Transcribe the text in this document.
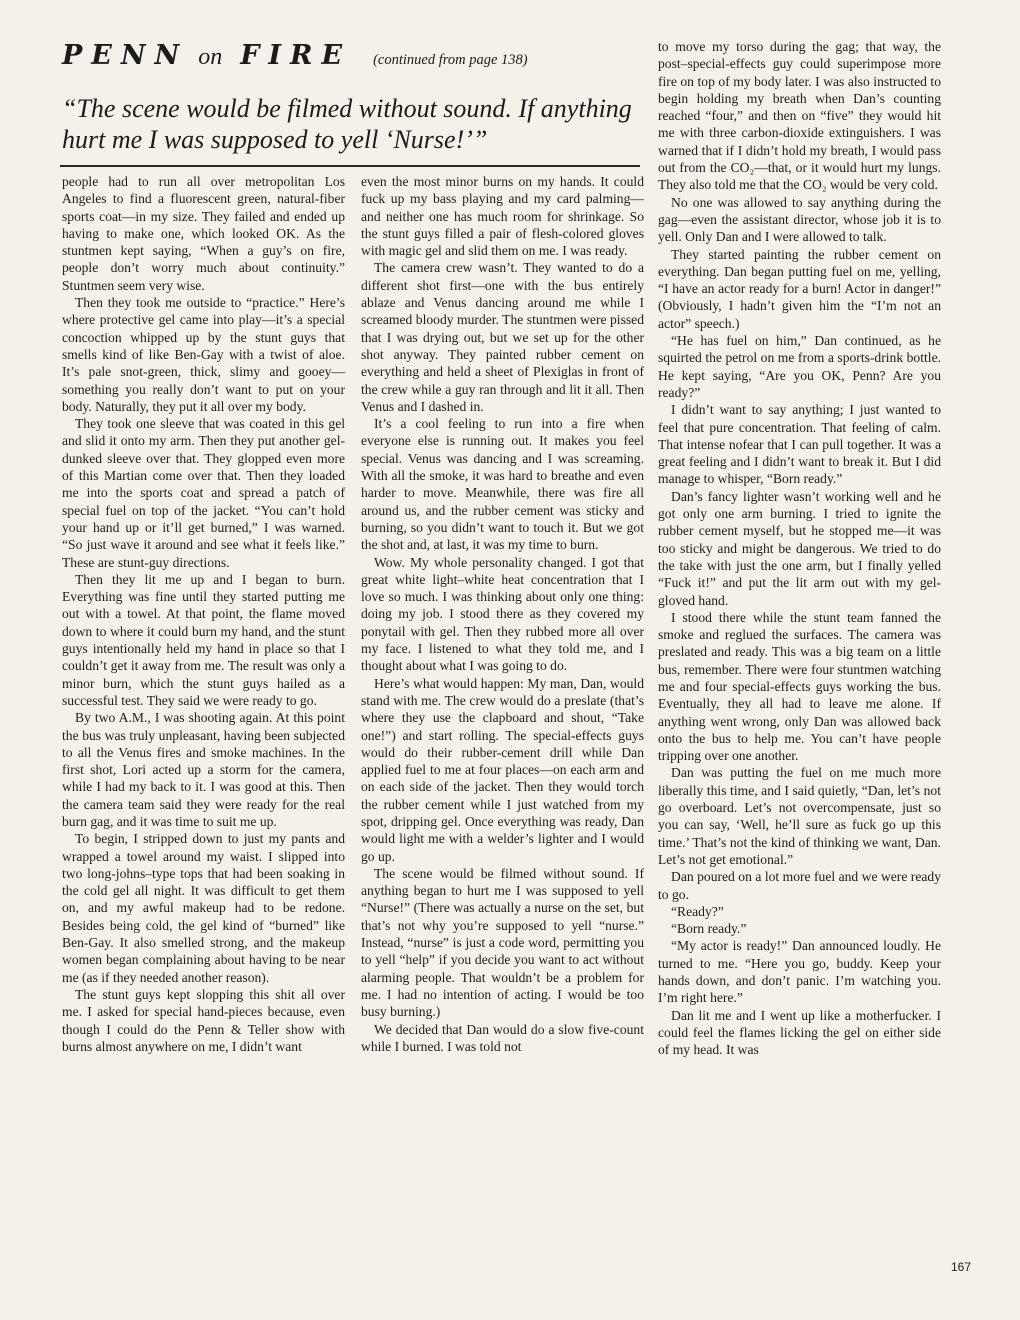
PENN on FIRE (continued from page 138)
“The scene would be filmed without sound. If anything hurt me I was supposed to yell ‘Nurse!’”

people had to run all over metropolitan Los Angeles to find a fluorescent green, natural-fiber sports coat—in my size. They failed and ended up having to make one, which looked OK. As the stuntmen kept saying, “When a guy’s on fire, people don’t worry much about continuity.” Stuntmen seem very wise.

Then they took me outside to “practice.” Here’s where protective gel came into play—it’s a special concoction whipped up by the stunt guys that smells kind of like Ben-Gay with a twist of aloe. It’s pale snot-green, thick, slimy and gooey—something you really don’t want to put on your body. Naturally, they put it all over my body.

They took one sleeve that was coated in this gel and slid it onto my arm. Then they put another gel-dunked sleeve over that. They glopped even more of this Martian come over that. Then they loaded me into the sports coat and spread a patch of special fuel on top of the jacket. “You can’t hold your hand up or it’ll get burned,” I was warned. “So just wave it around and see what it feels like.” These are stunt-guy directions.

Then they lit me up and I began to burn. Everything was fine until they started putting me out with a towel. At that point, the flame moved down to where it could burn my hand, and the stunt guys intentionally held my hand in place so that I couldn’t get it away from me. The result was only a minor burn, which the stunt guys hailed as a successful test. They said we were ready to go.

By two A.M., I was shooting again. At this point the bus was truly unpleasant, having been subjected to all the Venus fires and smoke machines. In the first shot, Lori acted up a storm for the camera, while I had my back to it. I was good at this. Then the camera team said they were ready for the real burn gag, and it was time to suit me up.

To begin, I stripped down to just my pants and wrapped a towel around my waist. I slipped into two long-johns–type tops that had been soaking in the cold gel all night. It was difficult to get them on, and my awful makeup had to be redone. Besides being cold, the gel kind of “burned” like Ben-Gay. It also smelled strong, and the makeup women began complaining about having to be near me (as if they needed another reason).

The stunt guys kept slopping this shit all over me. I asked for special hand-pieces because, even though I could do the Penn & Teller show with burns almost anywhere on me, I didn’t want

even the most minor burns on my hands. It could fuck up my bass playing and my card palming—and neither one has much room for shrinkage. So the stunt guys filled a pair of flesh-colored gloves with magic gel and slid them on me. I was ready.

The camera crew wasn’t. They wanted to do a different shot first—one with the bus entirely ablaze and Venus dancing around me while I screamed bloody murder. The stuntmen were pissed that I was drying out, but we set up for the other shot anyway. They painted rubber cement on everything and held a sheet of Plexiglas in front of the crew while a guy ran through and lit it all. Then Venus and I dashed in.

It’s a cool feeling to run into a fire when everyone else is running out. It makes you feel special. Venus was dancing and I was screaming. With all the smoke, it was hard to breathe and even harder to move. Meanwhile, there was fire all around us, and the rubber cement was sticky and burning, so you didn’t want to touch it. But we got the shot and, at last, it was my time to burn.

Wow. My whole personality changed. I got that great white light–white heat concentration that I love so much. I was thinking about only one thing: doing my job. I stood there as they covered my ponytail with gel. Then they rubbed more all over my face. I listened to what they told me, and I thought about what I was going to do.

Here’s what would happen: My man, Dan, would stand with me. The crew would do a preslate (that’s where they use the clapboard and shout, “Take one!”) and start rolling. The special-effects guys would do their rubber-cement drill while Dan applied fuel to me at four places—on each arm and on each side of the jacket. Then they would torch the rubber cement while I just watched from my spot, dripping gel. Once everything was ready, Dan would light me with a welder’s lighter and I would go up.

The scene would be filmed without sound. If anything began to hurt me I was supposed to yell “Nurse!” (There was actually a nurse on the set, but that’s not why you’re supposed to yell “nurse.” Instead, “nurse” is just a code word, permitting you to yell “help” if you decide you want to act without alarming people. That wouldn’t be a problem for me. I had no intention of acting. I would be too busy burning.)

We decided that Dan would do a slow five-count while I burned. I was told not

to move my torso during the gag; that way, the post–special-effects guy could superimpose more fire on top of my body later. I was also instructed to begin holding my breath when Dan’s counting reached “four,” and then on “five” they would hit me with three carbon-dioxide extinguishers. I was warned that if I didn’t hold my breath, I would pass out from the CO₂—that, or it would hurt my lungs. They also told me that the CO₂ would be very cold.

No one was allowed to say anything during the gag—even the assistant director, whose job it is to yell. Only Dan and I were allowed to talk.

They started painting the rubber cement on everything. Dan began putting fuel on me, yelling, “I have an actor ready for a burn! Actor in danger!” (Obviously, I hadn’t given him the “I’m not an actor” speech.)

“He has fuel on him,” Dan continued, as he squirted the petrol on me from a sports-drink bottle. He kept saying, “Are you OK, Penn? Are you ready?”

I didn’t want to say anything; I just wanted to feel that pure concentration. That feeling of calm. That intense nofear that I can pull together. It was a great feeling and I didn’t want to break it. But I did manage to whisper, “Born ready.”

Dan’s fancy lighter wasn’t working well and he got only one arm burning. I tried to ignite the rubber cement myself, but he stopped me—it was too sticky and might be dangerous. We tried to do the take with just the one arm, but I finally yelled “Fuck it!” and put the lit arm out with my gel-gloved hand.

I stood there while the stunt team fanned the smoke and reglued the surfaces. The camera was preslated and ready. This was a big team on a little bus, remember. There were four stuntmen watching me and four special-effects guys working the bus. Eventually, they all had to leave me alone. If anything went wrong, only Dan was allowed back onto the bus to help me. You can’t have people tripping over one another.

Dan was putting the fuel on me much more liberally this time, and I said quietly, “Dan, let’s not go overboard. Let’s not overcompensate, just so you can say, ‘Well, he’ll sure as fuck go up this time.’ That’s not the kind of thinking we want, Dan. Let’s not get emotional.”

Dan poured on a lot more fuel and we were ready to go.

“Ready?”

“Born ready.”

“My actor is ready!” Dan announced loudly. He turned to me. “Here you go, buddy. Keep your hands down, and don’t panic. I’m watching you. I’m right here.”

Dan lit me and I went up like a motherfucker. I could feel the flames licking the gel on either side of my head. It was

167
